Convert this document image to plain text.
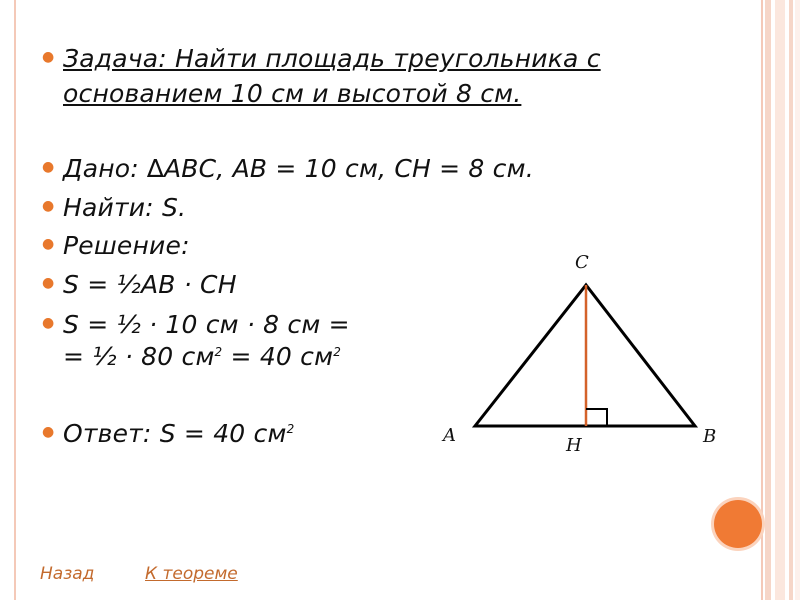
● Задача: Найти площадь треугольника с
основанием 10 см и высотой 8 см.
● Дано: ∆ABC, AB = 10 см, CH = 8 см.
● Найти: S.
● Решение:
● S = ½AB · CH
● S = ½ · 10 см · 8 см =
= ½ · 80 $см^2 = 40$ $см^2$
● Ответ: S = 40 $см^2$
C
A	B
H
Назад	К теореме
